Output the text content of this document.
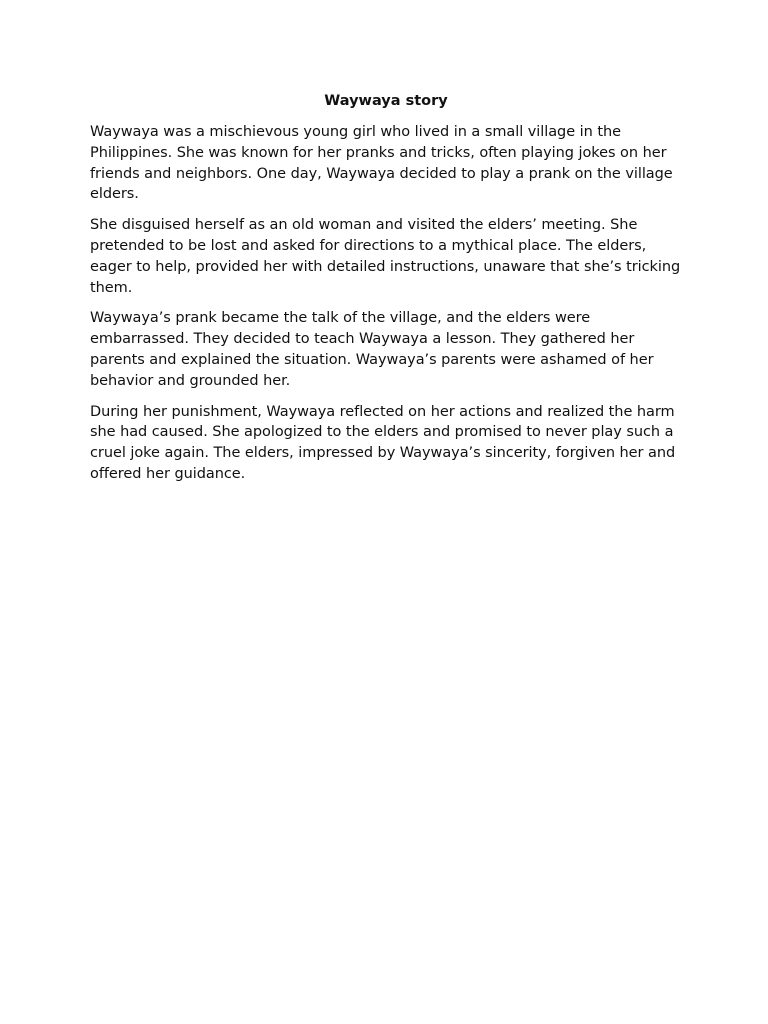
Waywaya story

Waywaya was a mischievous young girl who lived in a small village in the Philippines. She was known for her pranks and tricks, often playing jokes on her friends and neighbors. One day, Waywaya decided to play a prank on the village elders.

She disguised herself as an old woman and visited the elders’ meeting. She pretended to be lost and asked for directions to a mythical place. The elders, eager to help, provided her with detailed instructions, unaware that she’s tricking them.

Waywaya’s prank became the talk of the village, and the elders were embarrassed. They decided to teach Waywaya a lesson. They gathered her parents and explained the situation. Waywaya’s parents were ashamed of her behavior and grounded her.

During her punishment, Waywaya reflected on her actions and realized the harm she had caused. She apologized to the elders and promised to never play such a cruel joke again. The elders, impressed by Waywaya’s sincerity, forgiven her and offered her guidance.
